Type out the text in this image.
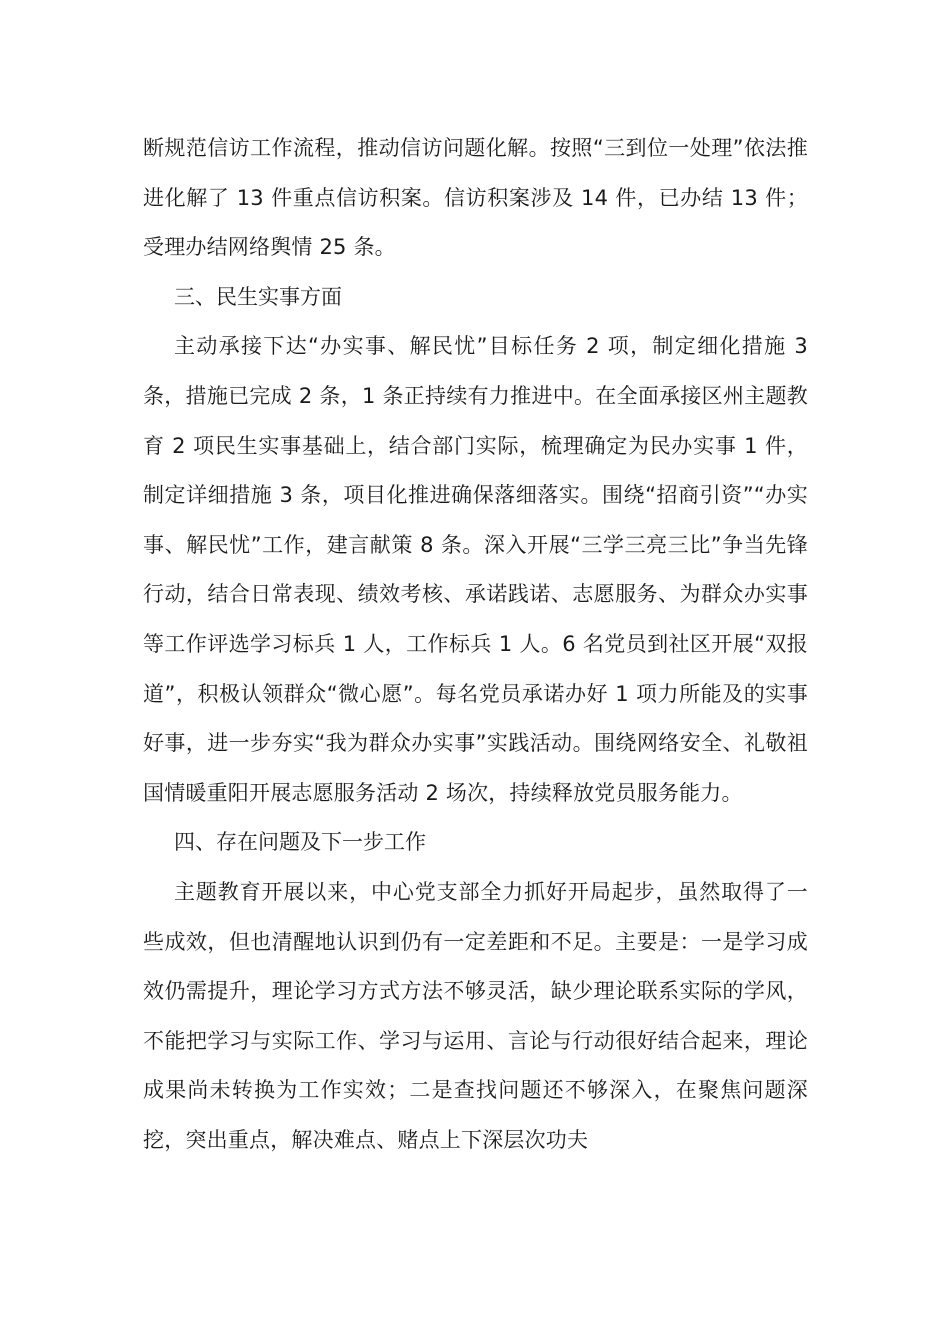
断规范信访工作流程，推动信访问题化解。按照“三到位一处理”依法推进化解了 13 件重点信访积案。信访积案涉及 14 件，已办结 13 件；受理办结网络舆情 25 条。

三、民生实事方面

主动承接下达“办实事、解民忧”目标任务 2 项，制定细化措施 3 条，措施已完成 2 条，1 条正持续有力推进中。在全面承接区州主题教育 2 项民生实事基础上，结合部门实际，梳理确定为民办实事 1 件，制定详细措施 3 条，项目化推进确保落细落实。围绕“招商引资”“办实事、解民忧”工作，建言献策 8 条。深入开展“三学三亮三比”争当先锋行动，结合日常表现、绩效考核、承诺践诺、志愿服务、为群众办实事等工作评选学习标兵 1 人，工作标兵 1 人。6 名党员到社区开展“双报道”，积极认领群众“微心愿”。每名党员承诺办好 1 项力所能及的实事好事，进一步夯实“我为群众办实事”实践活动。围绕网络安全、礼敬祖国情暖重阳开展志愿服务活动 2 场次，持续释放党员服务能力。

四、存在问题及下一步工作

主题教育开展以来，中心党支部全力抓好开局起步，虽然取得了一些成效，但也清醒地认识到仍有一定差距和不足。主要是：一是学习成效仍需提升，理论学习方式方法不够灵活，缺少理论联系实际的学风，不能把学习与实际工作、学习与运用、言论与行动很好结合起来，理论成果尚未转换为工作实效；二是查找问题还不够深入，在聚焦问题深挖，突出重点，解决难点、赌点上下深层次功夫
